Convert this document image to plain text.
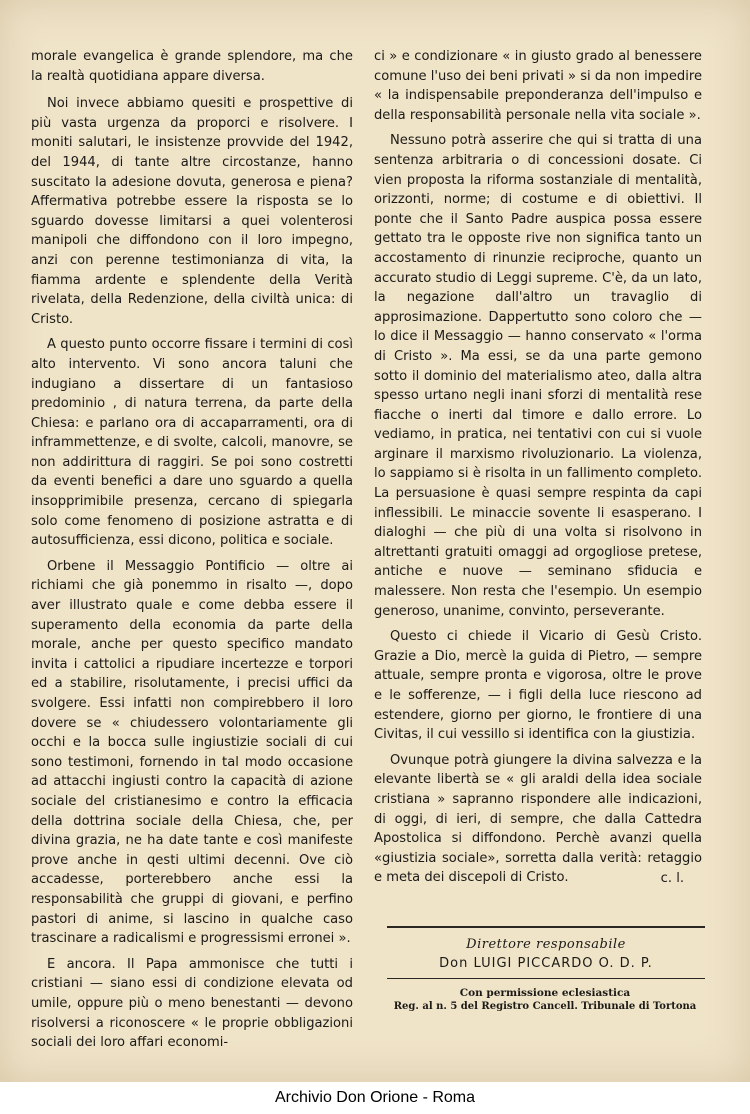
morale evangelica è grande splendore, ma che la realtà quotidiana appare diversa.

Noi invece abbiamo quesiti e prospettive di più vasta urgenza da proporci e risolvere. I moniti salutari, le insistenze provvide del 1942, del 1944, di tante altre circostanze, hanno suscitato la adesione dovuta, generosa e piena? Affermativa potrebbe essere la risposta se lo sguardo dovesse limitarsi a quei volenterosi manipoli che diffondono con il loro impegno, anzi con perenne testimonianza di vita, la fiamma ardente e splendente della Verità rivelata, della Redenzione, della civiltà unica: di Cristo.

A questo punto occorre fissare i termini di così alto intervento. Vi sono ancora taluni che indugiano a dissertare di un fantasioso predominio , di natura terrena, da parte della Chiesa: e parlano ora di accaparramenti, ora di inframmettenze, e di svolte, calcoli, manovre, se non addirittura di raggiri. Se poi sono costretti da eventi benefici a dare uno sguardo a quella insopprimibile presenza, cercano di spiegarla solo come fenomeno di posizione astratta e di autosufficienza, essi dicono, politica e sociale.

Orbene il Messaggio Pontificio — oltre ai richiami che già ponemmo in risalto —, dopo aver illustrato quale e come debba essere il superamento della economia da parte della morale, anche per questo specifico mandato invita i cattolici a ripudiare incertezze e torpori ed a stabilire, risolutamente, i precisi uffici da svolgere. Essi infatti non compirebbero il loro dovere se « chiudessero volontariamente gli occhi e la bocca sulle ingiustizie sociali di cui sono testimoni, fornendo in tal modo occasione ad attacchi ingiusti contro la capacità di azione sociale del cristianesimo e contro la efficacia della dottrina sociale della Chiesa, che, per divina grazia, ne ha date tante e così manifeste prove anche in qesti ultimi decenni. Ove ciò accadesse, porterebbero anche essi la responsabilità che gruppi di giovani, e perfino pastori di anime, si lascino in qualche caso trascinare a radicalismi e progressismi erronei ».

E ancora. Il Papa ammonisce che tutti i cristiani — siano essi di condizione elevata od umile, oppure più o meno benestanti — devono risolversi a riconoscere « le proprie obbligazioni sociali dei loro affari economi-

ci » e condizionare « in giusto grado al benessere comune l'uso dei beni privati » si da non impedire « la indispensabile preponderanza dell'impulso e della responsabilità personale nella vita sociale ».

Nessuno potrà asserire che qui si tratta di una sentenza arbitraria o di concessioni dosate. Ci vien proposta la riforma sostanziale di mentalità, orizzonti, norme; di costume e di obiettivi. Il ponte che il Santo Padre auspica possa essere gettato tra le opposte rive non significa tanto un accostamento di rinunzie reciproche, quanto un accurato studio di Leggi supreme. C'è, da un lato, la negazione dall'altro un travaglio di approsimazione. Dappertutto sono coloro che — lo dice il Messaggio — hanno conservato « l'orma di Cristo ». Ma essi, se da una parte gemono sotto il dominio del materialismo ateo, dalla altra spesso urtano negli inani sforzi di mentalità rese fiacche o inerti dal timore e dallo errore. Lo vediamo, in pratica, nei tentativi con cui si vuole arginare il marxismo rivoluzionario. La violenza, lo sappiamo si è risolta in un fallimento completo. La persuasione è quasi sempre respinta da capi inflessibili. Le minaccie sovente li esasperano. I dialoghi — che più di una volta si risolvono in altrettanti gratuiti omaggi ad orgogliose pretese, antiche e nuove — seminano sfiducia e malessere. Non resta che l'esempio. Un esempio generoso, unanime, convinto, perseverante.

Questo ci chiede il Vicario di Gesù Cristo. Grazie a Dio, mercè la guida di Pietro, — sempre attuale, sempre pronta e vigorosa, oltre le prove e le sofferenze, — i figli della luce riescono ad estendere, giorno per giorno, le frontiere di una Civitas, il cui vessillo si identifica con la giustizia.

Ovunque potrà giungere la divina salvezza e la elevante libertà se « gli araldi della idea sociale cristiana » sapranno rispondere alle indicazioni, di oggi, di ieri, di sempre, che dalla Cattedra Apostolica si diffondono. Perchè avanzi quella «giustizia sociale», sorretta dalla verità: retaggio e meta dei discepoli di Cristo.	c. l.
Direttore responsabile
Don LUIGI PICCARDO O. D. P.
Con permissione eclesiastica
Reg. al n. 5 del Registro Cancell. Tribunale di Tortona
Archivio Don Orione - Roma
